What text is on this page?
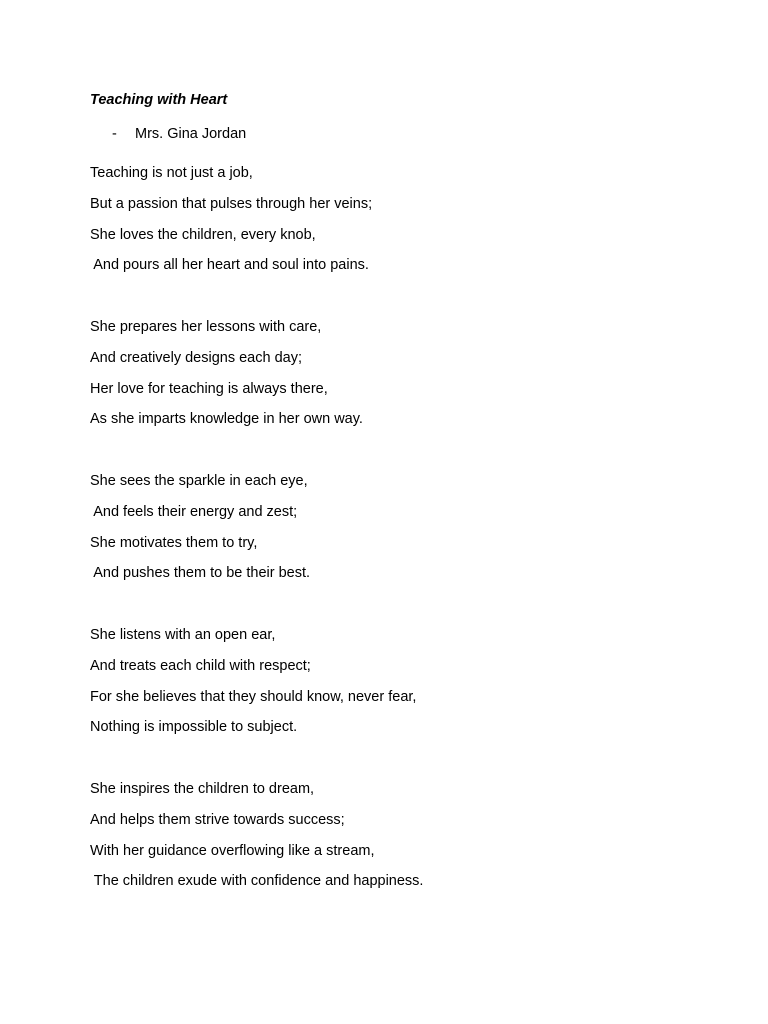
Teaching with Heart
- Mrs. Gina Jordan
Teaching is not just a job,
But a passion that pulses through her veins;
She loves the children, every knob,
And pours all her heart and soul into pains.
She prepares her lessons with care,
And creatively designs each day;
Her love for teaching is always there,
As she imparts knowledge in her own way.
She sees the sparkle in each eye,
And feels their energy and zest;
She motivates them to try,
And pushes them to be their best.
She listens with an open ear,
And treats each child with respect;
For she believes that they should know, never fear,
Nothing is impossible to subject.
She inspires the children to dream,
And helps them strive towards success;
With her guidance overflowing like a stream,
The children exude with confidence and happiness.
